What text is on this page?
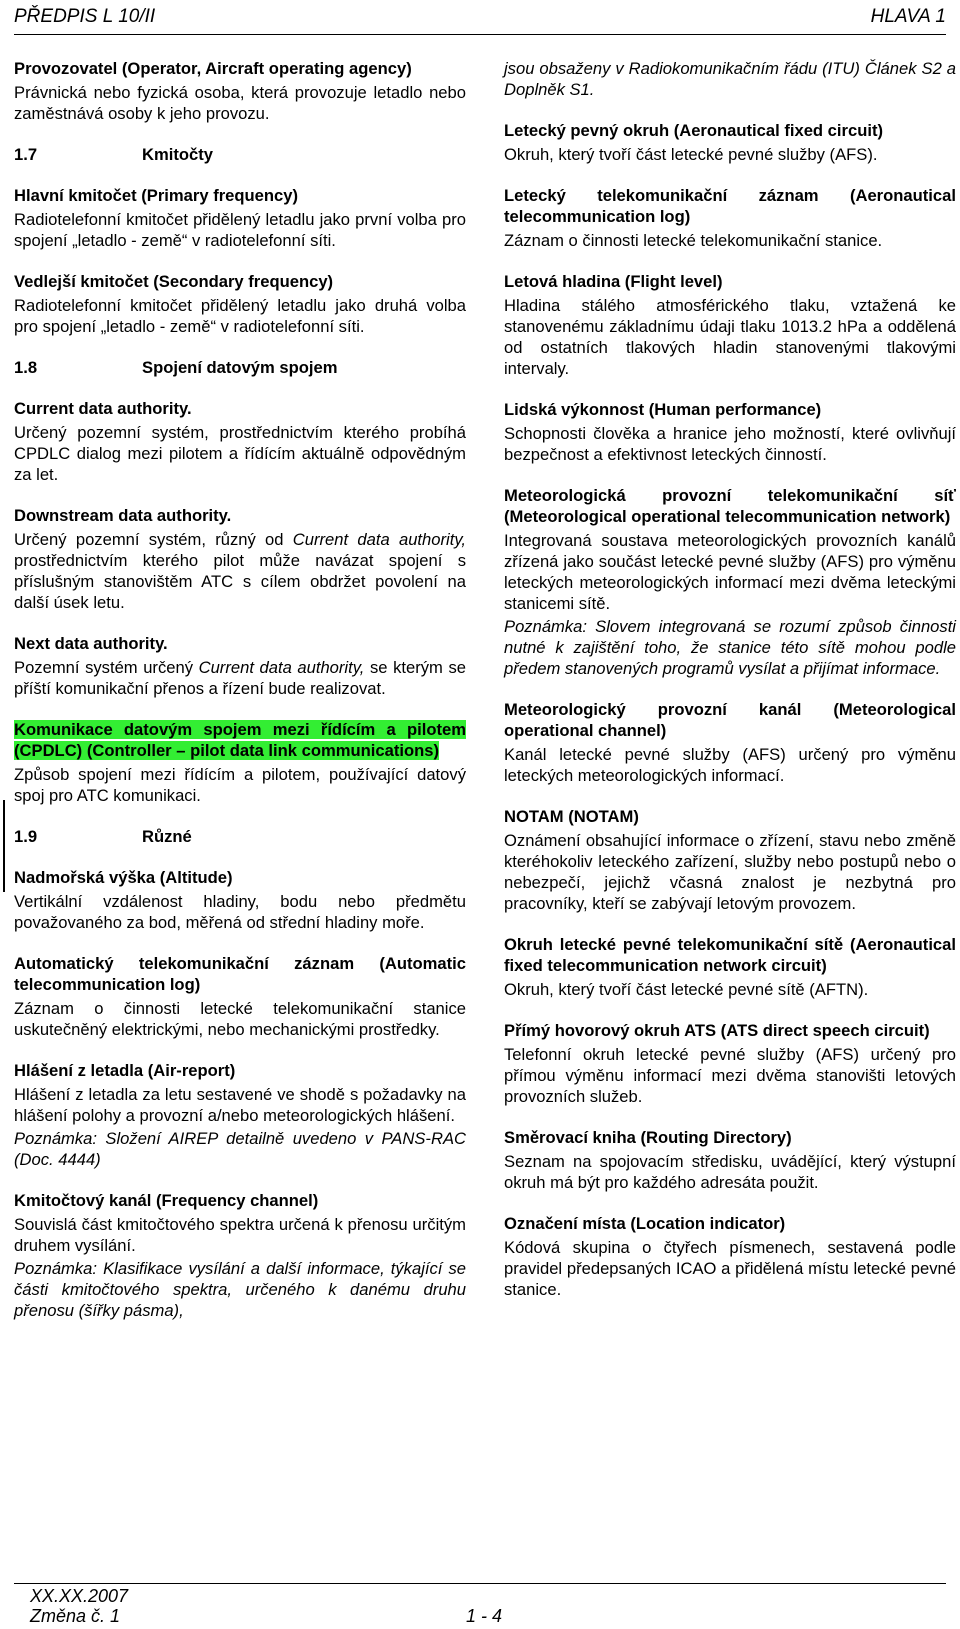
PŘEDPIS L 10/II	HLAVA 1

Provozovatel (Operator, Aircraft operating agency)

Právnická nebo fyzická osoba, která provozuje letadlo nebo zaměstnává osoby k jeho provozu.

1.7	Kmitočty

Hlavní kmitočet (Primary frequency)

Radiotelefonní kmitočet přidělený letadlu jako první volba pro spojení „letadlo - země“ v radiotelefonní síti.

Vedlejší kmitočet (Secondary frequency)

Radiotelefonní kmitočet přidělený letadlu jako druhá volba pro spojení „letadlo - země“ v radiotelefonní síti.

1.8	Spojení datovým spojem

Current data authority.

Určený pozemní systém, prostřednictvím kterého probíhá CPDLC dialog mezi pilotem a řídícím aktuálně odpovědným za let.

Downstream data authority.

Určený pozemní systém, různý od Current data authority, prostřednictvím kterého pilot může navázat spojení s příslušným stanovištěm ATC s cílem obdržet povolení na další úsek letu.

Next data authority.

Pozemní systém určený Current data authority, se kterým se příští komunikační přenos a řízení bude realizovat.

Komunikace datovým spojem mezi řídícím a pilotem (CPDLC) (Controller – pilot data link communications)

Způsob spojení mezi řídícím a pilotem, používající datový spoj pro ATC komunikaci.

1.9	Různé

Nadmořská výška (Altitude)

Vertikální vzdálenost hladiny, bodu nebo předmětu považovaného za bod, měřená od střední hladiny moře.

Automatický telekomunikační záznam (Automatic telecommunication log)

Záznam o činnosti letecké telekomunikační stanice uskutečněný elektrickými, nebo mechanickými prostředky.

Hlášení z letadla (Air-report)

Hlášení z letadla za letu sestavené ve shodě s požadavky na hlášení polohy a provozní a/nebo meteorologických hlášení.

Poznámka: Složení AIREP detailně uvedeno v PANS-RAC (Doc. 4444)

Kmitočtový kanál (Frequency channel)

Souvislá část kmitočtového spektra určená k přenosu určitým druhem vysílání.

Poznámka: Klasifikace vysílání a další informace, týkající se části kmitočtového spektra, určeného k danému druhu přenosu (šířky pásma),

jsou obsaženy v Radiokomunikačním řádu (ITU) Článek S2 a Doplněk S1.

Letecký pevný okruh (Aeronautical fixed circuit)

Okruh, který tvoří část letecké pevné služby (AFS).

Letecký telekomunikační záznam (Aeronautical telecommunication log)

Záznam o činnosti letecké telekomunikační stanice.

Letová hladina (Flight level)

Hladina stálého atmosférického tlaku, vztažená ke stanovenému základnímu údaji tlaku 1013.2 hPa a oddělená od ostatních tlakových hladin stanovenými tlakovými intervaly.

Lidská výkonnost (Human performance)

Schopnosti člověka a hranice jeho možností, které ovlivňují bezpečnost a efektivnost leteckých činností.

Meteorologická provozní telekomunikační síť (Meteorological operational telecommunication network)

Integrovaná soustava meteorologických provozních kanálů zřízená jako součást letecké pevné služby (AFS) pro výměnu leteckých meteorologických informací mezi dvěma leteckými stanicemi sítě.

Poznámka: Slovem integrovaná se rozumí způsob činnosti nutné k zajištění toho, že stanice této sítě mohou podle předem stanovených programů vysílat a přijímat informace.

Meteorologický provozní kanál (Meteorological operational channel)

Kanál letecké pevné služby (AFS) určený pro výměnu leteckých meteorologických informací.

NOTAM (NOTAM)

Oznámení obsahující informace o zřízení, stavu nebo změně kteréhokoliv leteckého zařízení, služby nebo postupů nebo o nebezpečí, jejichž včasná znalost je nezbytná pro pracovníky, kteří se zabývají letovým provozem.

Okruh letecké pevné telekomunikační sítě (Aeronautical fixed telecommunication network circuit)

Okruh, který tvoří část letecké pevné sítě (AFTN).

Přímý hovorový okruh ATS (ATS direct speech circuit)

Telefonní okruh letecké pevné služby (AFS) určený pro přímou výměnu informací mezi dvěma stanovišti letových provozních služeb.

Směrovací kniha (Routing Directory)

Seznam na spojovacím středisku, uvádějící, který výstupní okruh má být pro každého adresáta použit.

Označení místa (Location indicator)

Kódová skupina o čtyřech písmenech, sestavená podle pravidel předepsaných ICAO a přidělená místu letecké pevné stanice.

XX.XX.2007
Změna č. 1	1 - 4
